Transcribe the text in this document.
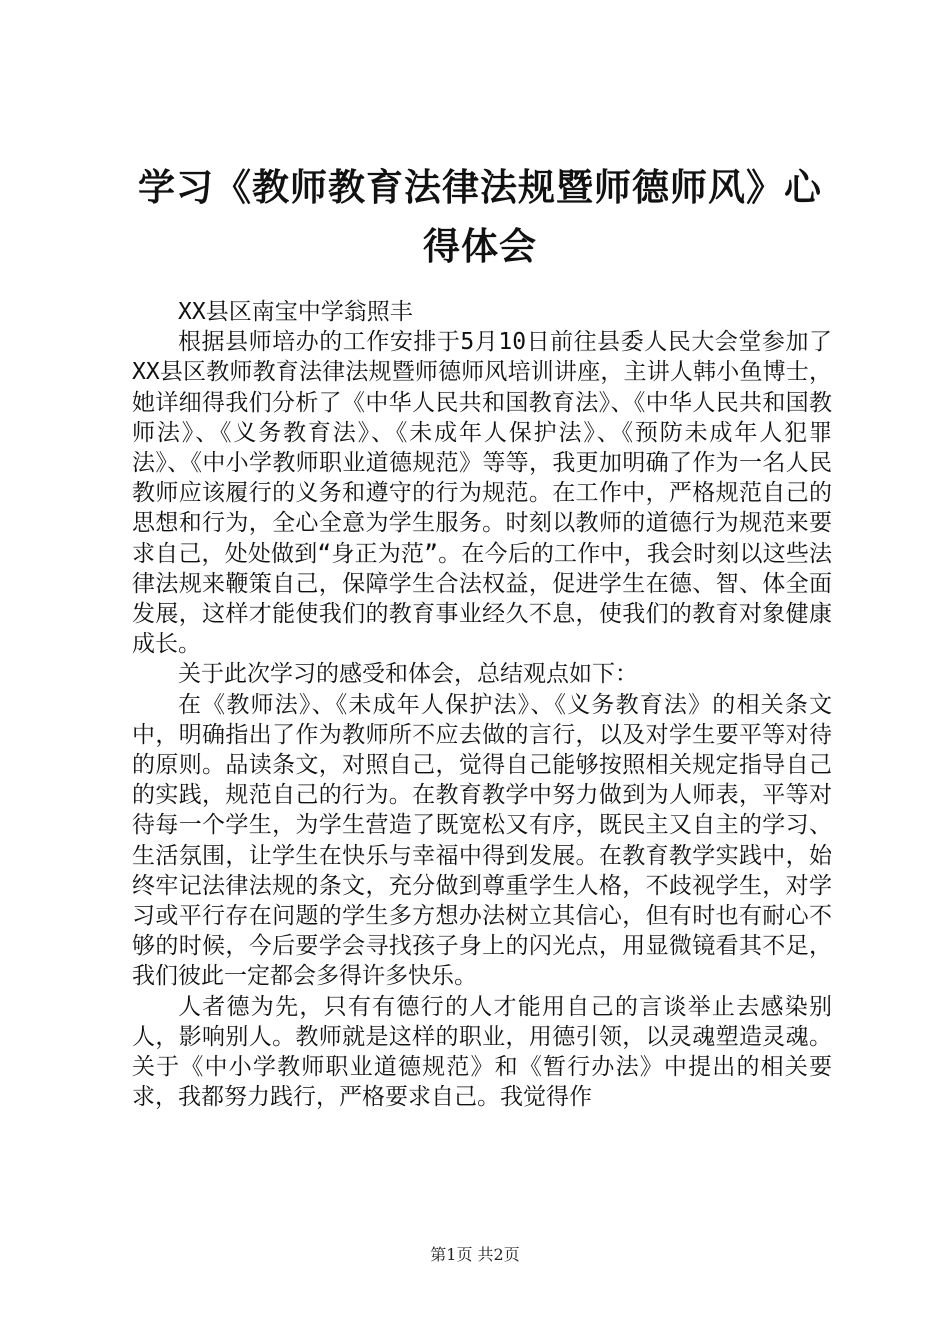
学习《教师教育法律法规暨师德师风》心得体会

XX县区南宝中学翁照丰

根据县师培办的工作安排于5月10日前往县委人民大会堂参加了XX县区教师教育法律法规暨师德师风培训讲座，主讲人韩小鱼博士，她详细得我们分析了《中华人民共和国教育法》、《中华人民共和国教师法》、《义务教育法》、《未成年人保护法》、《预防未成年人犯罪法》、《中小学教师职业道德规范》等等，我更加明确了作为一名人民教师应该履行的义务和遵守的行为规范。在工作中，严格规范自己的思想和行为，全心全意为学生服务。时刻以教师的道德行为规范来要求自己，处处做到“身正为范”。在今后的工作中，我会时刻以这些法律法规来鞭策自己，保障学生合法权益，促进学生在德、智、体全面发展，这样才能使我们的教育事业经久不息，使我们的教育对象健康成长。

关于此次学习的感受和体会，总结观点如下：

在《教师法》、《未成年人保护法》、《义务教育法》的相关条文中，明确指出了作为教师所不应去做的言行，以及对学生要平等对待的原则。品读条文，对照自己，觉得自己能够按照相关规定指导自己的实践，规范自己的行为。在教育教学中努力做到为人师表，平等对待每一个学生，为学生营造了既宽松又有序，既民主又自主的学习、生活氛围，让学生在快乐与幸福中得到发展。在教育教学实践中，始终牢记法律法规的条文，充分做到尊重学生人格，不歧视学生，对学习或平行存在问题的学生多方想办法树立其信心，但有时也有耐心不够的时候，今后要学会寻找孩子身上的闪光点，用显微镜看其不足，我们彼此一定都会多得许多快乐。

人者德为先，只有有德行的人才能用自己的言谈举止去感染别人，影响别人。教师就是这样的职业，用德引领，以灵魂塑造灵魂。关于《中小学教师职业道德规范》和《暂行办法》中提出的相关要求，我都努力践行，严格要求自己。我觉得作

第1页 共2页
